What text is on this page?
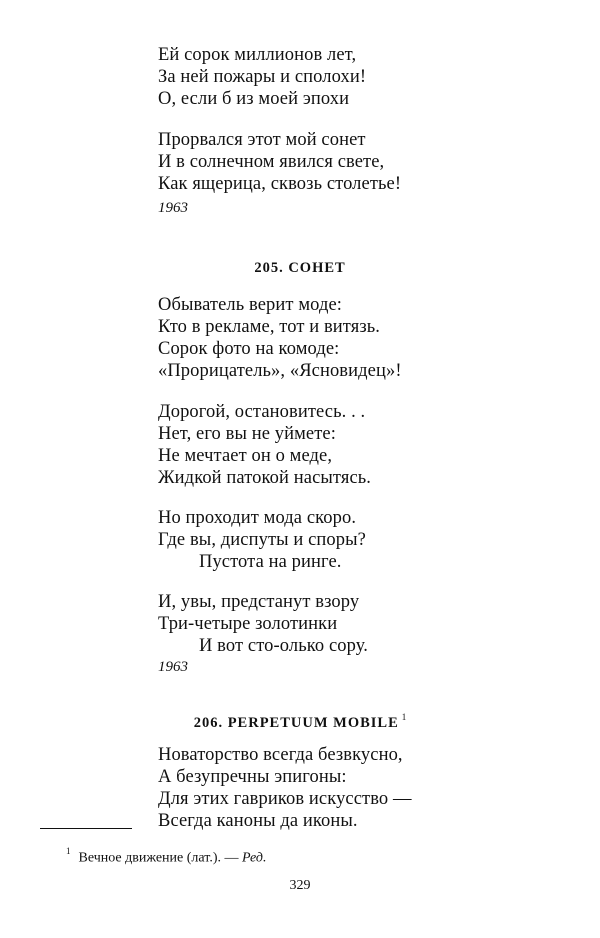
Ей сорок миллионов лет,
За ней пожары и сполохи!
О, если б из моей эпохи
Прорвался этот мой сонет
И в солнечном явился свете,
Как ящерица, сквозь столетье!
1963
205. СОНЕТ
Обыватель верит моде:
Кто в рекламе, тот и витязь.
Сорок фото на комоде:
«Прорицатель», «Ясновидец»!
Дорогой, остановитесь. . .
Нет, его вы не уймете:
Не мечтает он о меде,
Жидкой патокой насытясь.
Но проходит мода скоро.
Где вы, диспуты и споры?
Пустота на ринге.
И, увы, предстанут взору
Три-четыре золотинки
И вот сто-олько сору.
1963
206. PERPETUUM MOBILE $^1$
Новаторство всегда безвкусно,
А безупречны эпигоны:
Для этих гавриков искусство —
Всегда каноны да иконы.
$^1$ Вечное движение (лат.). — Ред.
329
